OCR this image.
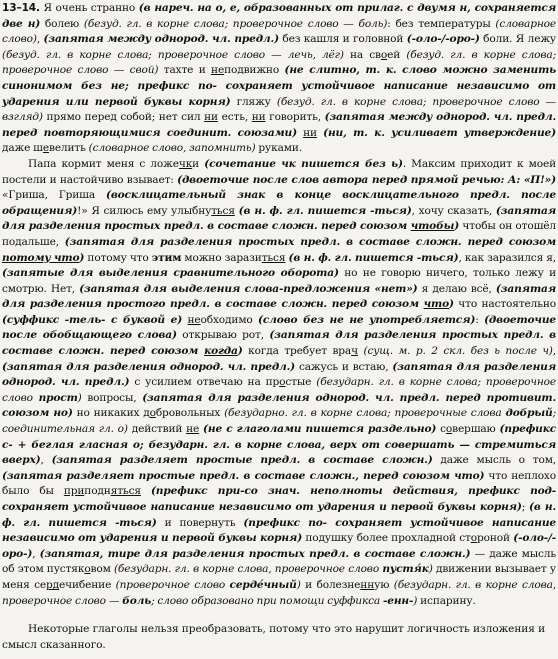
13–14. Я очень странно (в нареч. на о, е, образованных от прилаг. с двумя н, сохраняется две н) болею (безуд. гл. в корне слова; проверочное слово — боль): без температуры (словарное слово), (запятая между однород. чл. предл.) без кашля и головной (-оло-/-оро-) боли. Я лежу (безуд. гл. в корне слова; проверочное слово — лечь, лёг) на своей (безуд. гл. в корне слова; проверочное слово — свой) тахте и неподвижно (не слитно, т. к. слово можно заменить синонимом без не; префикс по- сохраняет устойчивое написание независимо от ударения или первой буквы корня) гляжу (безуд. гл. в корне слова; проверочное слово — взгляд) прямо перед собой; нет сил ни есть, ни говорить, (запятая между однород. чл. предл. перед повторяющимися соединит. союзами) ни (ни, т. к. усиливает утверждение) даже шевелить (словарное слово, запомнить) руками.

Папа кормит меня с ложечки (сочетание чк пишется без ь). Максим приходит к моей постели и настойчиво взывает: (двоеточие после слов автора перед прямой речью: А: «П!») «Гриша, Гриша (восклицательный знак в конце восклицательного предл. после обращения)!» Я силюсь ему улыбнуться (в н. ф. гл. пишется -ться), хочу сказать, (запятая для разделения простых предл. в составе сложн. перед союзом чтобы) чтобы он отошёл подальше, (запятая для разделения простых предл. в составе сложн. перед союзом потому что) потому что этим можно заразиться (в н. ф. гл. пишется -ться), как заразился я, (запятые для выделения сравнительного оборота) но не говорю ничего, только лежу и смотрю. Нет, (запятая для выделения слова-предложения «нет») я делаю всё, (запятая для разделения простого предл. в составе сложн. перед союзом что) что настоятельно (суффикс -тель- с буквой е) необходимо (слово без не не употребляется): (двоеточие после обобщающего слова) открываю рот, (запятая для разделения простых предл. в составе сложн. перед союзом когда) когда требует врач (сущ. м. р. 2 скл. без ь после ч), (запятая для разделения однород. чл. предл.) сажусь и встаю, (запятая для разделения однород. чл. предл.) с усилием отвечаю на простые (безударн. гл. в корне слова; проверочное слово прост) вопросы, (запятая для разделения однород. чл. предл. перед противит. союзом но) но никаких добровольных (безударно. гл. в корне слова; проверочные слова добрый; соединительная гл. о) действий не (не с глаголами пишется раздельно) совершаю (префикс с- + беглая гласная о; безударн. гл. в корне слова, верх от совершать — стремиться вверх), (запятая разделяет простые предл. в составе сложн.) даже мысль о том, (запятая разделяет простые предл. в составе сложн., перед союзом что) что неплохо было бы приподняться (префикс при-со знач. неполноты действия, префикс под- сохраняет устойчивое написание независимо от ударения и первой буквы корня); (в н. ф. гл. пишется -ться) и повернуть (префикс по- сохраняет устойчивое написание независимо от ударения и первой буквы корня) подушку более прохладной стороной (-оло-/-оро-), (запятая, тире для разделения простых предл. в составе сложн.) — даже мысль об этом пустяковом (безударн. гл. в корне слова, проверочное слово пустя́к) движении вызывает у меня сердечибение (проверочное слово серде́чный) и болезненную (безударн. гл. в корне слова, проверочное слово — боль; слово образовано при помощи суффикса -енн-) испарину.

Некоторые глаголы нельзя преобразовать, потому что это нарушит логичность изложения и смысл сказанного.
